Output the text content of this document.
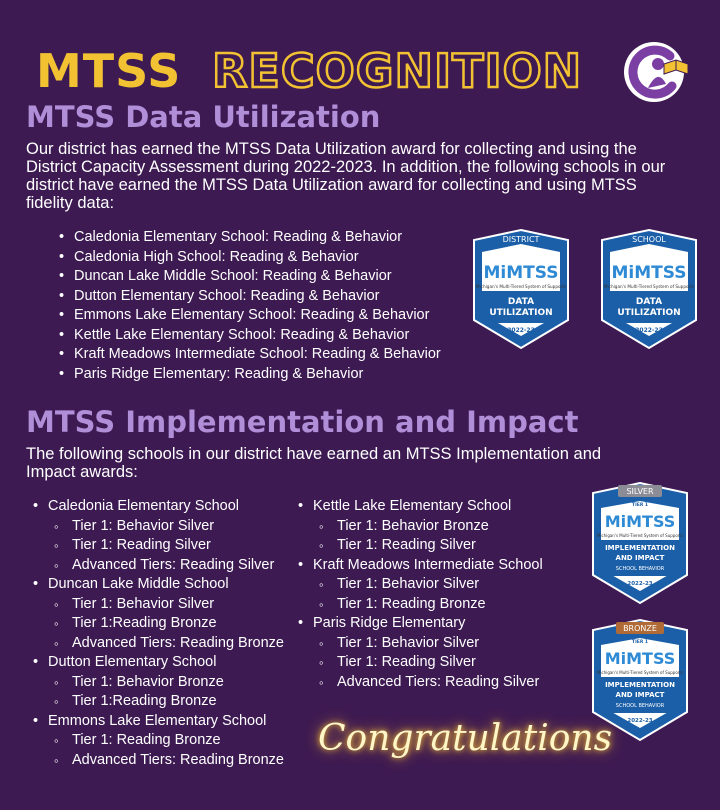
MTSS RECOGNITION
MTSS Data Utilization
Our district has earned the MTSS Data Utilization award for collecting and using the District Capacity Assessment during 2022-2023. In addition, the following schools in our district have earned the MTSS Data Utilization award for collecting and using MTSS fidelity data:
• Caledonia Elementary School: Reading & Behavior
• Caledonia High School: Reading & Behavior
• Duncan Lake Middle School: Reading & Behavior
• Dutton Elementary School: Reading & Behavior
• Emmons Lake Elementary School: Reading & Behavior
• Kettle Lake Elementary School: Reading & Behavior
• Kraft Meadows Intermediate School: Reading & Behavior
• Paris Ridge Elementary: Reading & Behavior
DISTRICT
MiMTSS
Michigan's Multi-Tiered System of Supports
DATA
UTILIZATION
2022-23
SCHOOL
MiMTSS
Michigan's Multi-Tiered System of Supports
DATA
UTILIZATION
2022-23
MTSS Implementation and Impact
The following schools in our district have earned an MTSS Implementation and Impact awards:
• Caledonia Elementary School
◦ Tier 1: Behavior Silver
◦ Tier 1: Reading Silver
◦ Advanced Tiers: Reading Silver
• Duncan Lake Middle School
◦ Tier 1: Behavior Silver
◦ Tier 1:Reading Bronze
◦ Advanced Tiers: Reading Bronze
• Dutton Elementary School
◦ Tier 1: Behavior Bronze
◦ Tier 1:Reading Bronze
• Emmons Lake Elementary School
◦ Tier 1: Reading Bronze
◦ Advanced Tiers: Reading Bronze
• Kettle Lake Elementary School
◦ Tier 1: Behavior Bronze
◦ Tier 1: Reading Silver
• Kraft Meadows Intermediate School
◦ Tier 1: Behavior Silver
◦ Tier 1: Reading Bronze
• Paris Ridge Elementary
◦ Tier 1: Behavior Silver
◦ Tier 1: Reading Silver
◦ Advanced Tiers: Reading Silver
SILVER
TIER 1
MiMTSS
Michigan's Multi-Tiered System of Supports
IMPLEMENTATION
AND IMPACT
SCHOOL BEHAVIOR
2022-23
BRONZE
TIER 1
MiMTSS
Michigan's Multi-Tiered System of Supports
IMPLEMENTATION
AND IMPACT
SCHOOL BEHAVIOR
2022-23
Congratulations
